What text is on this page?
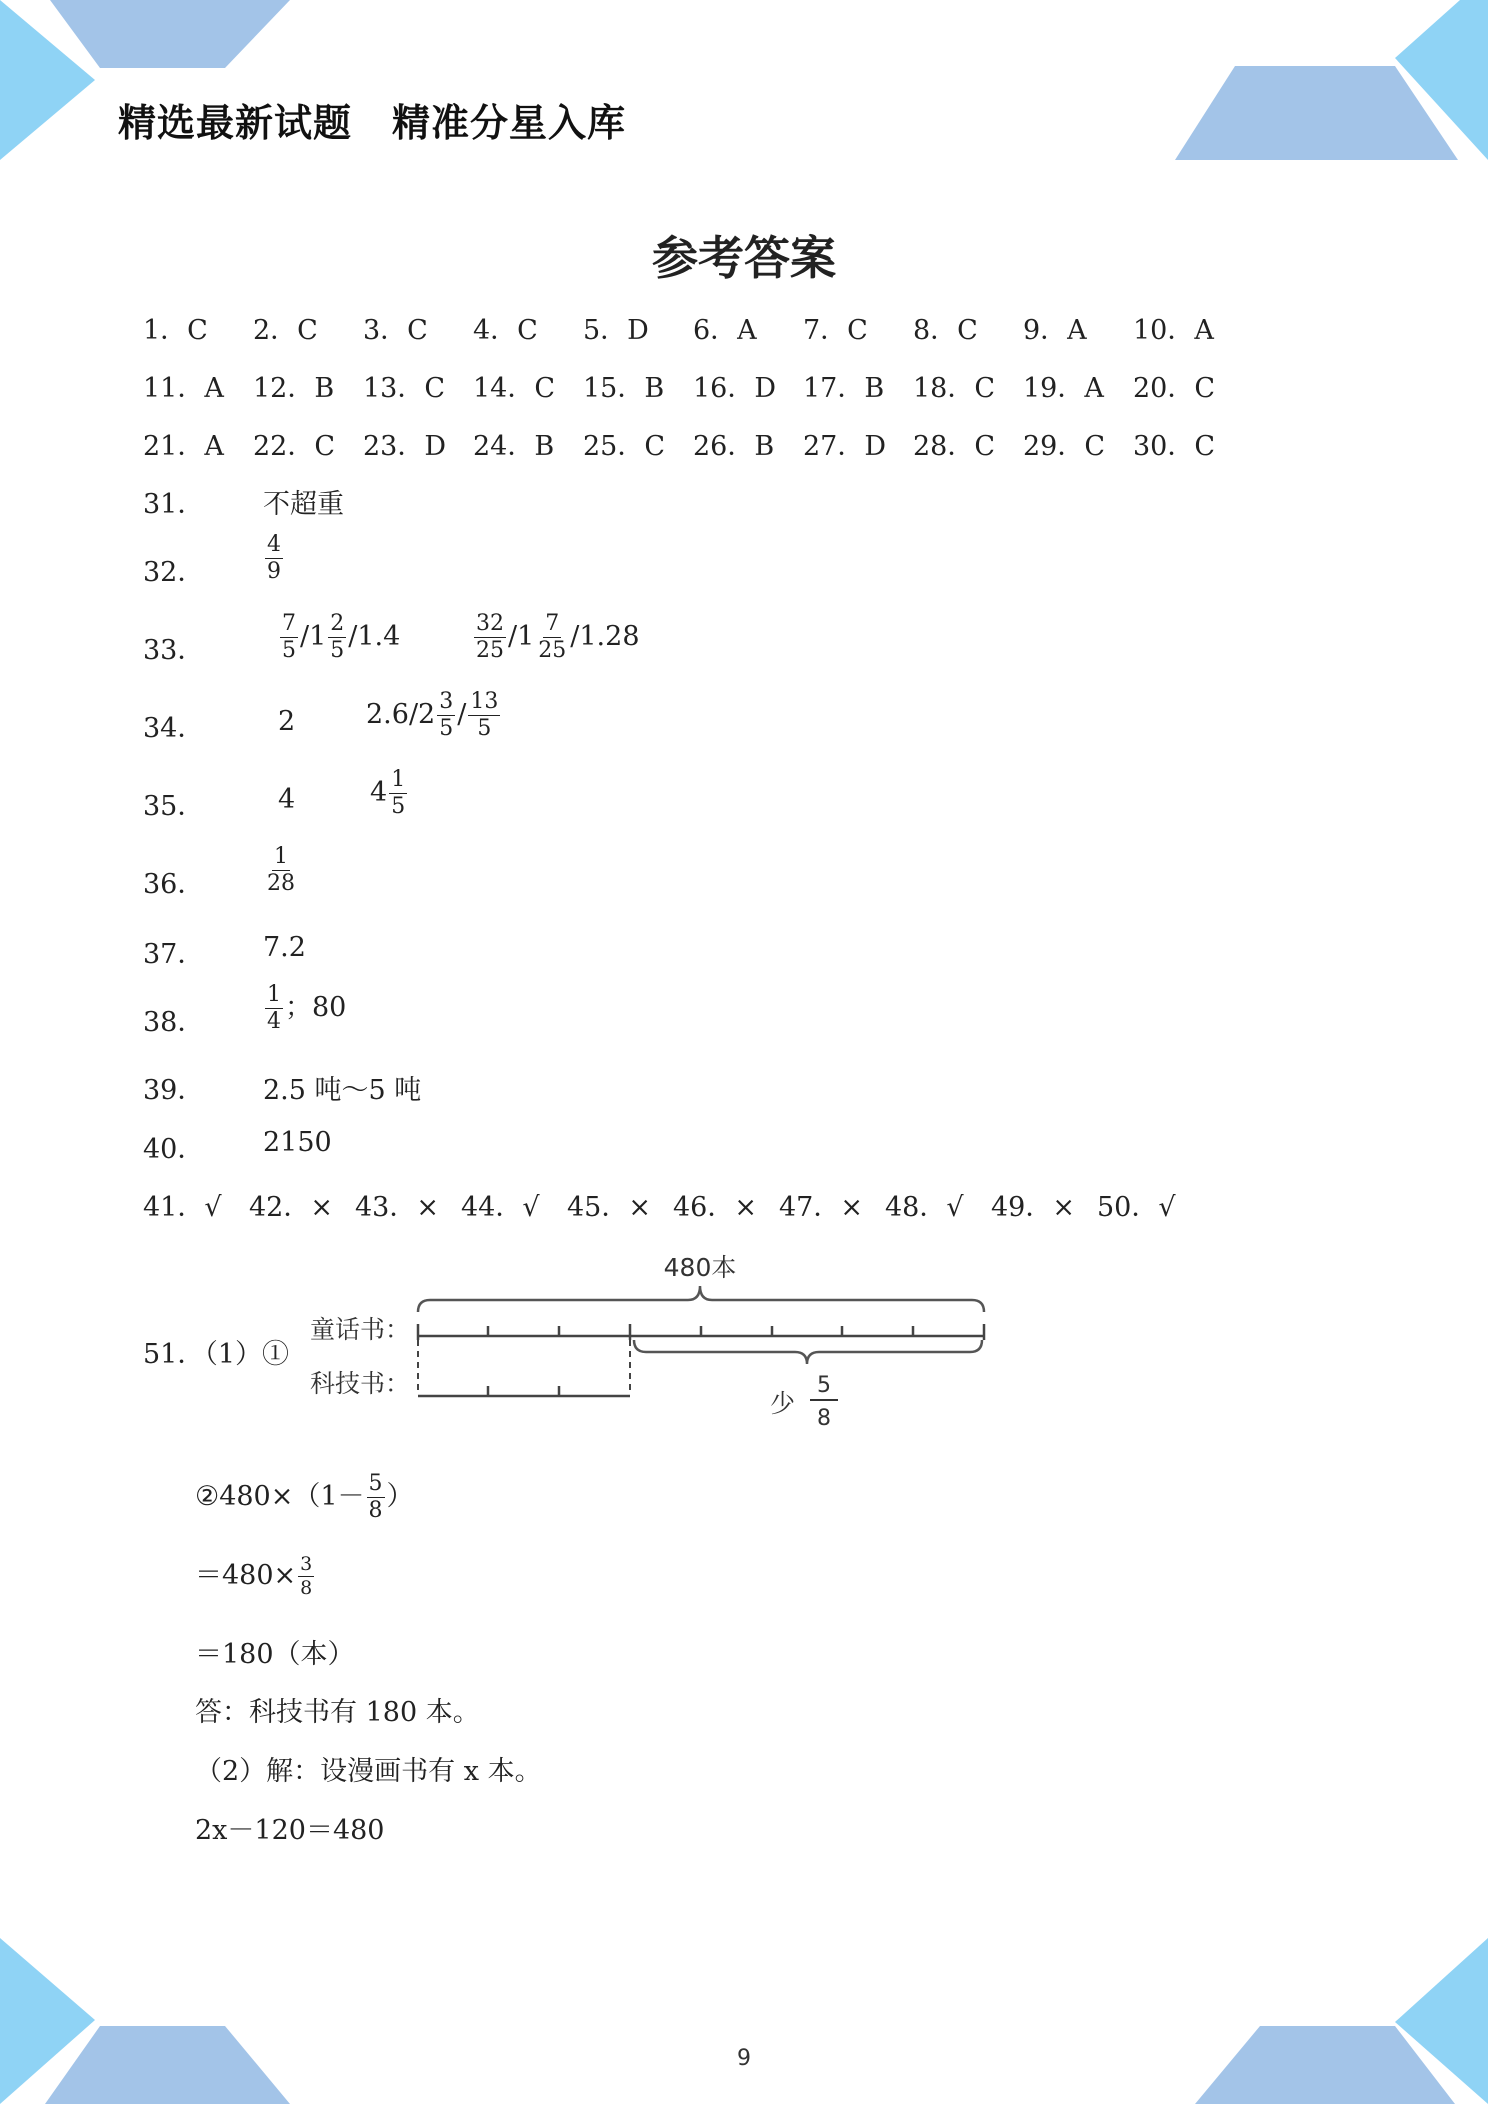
精选最新试题 精准分星入库
参考答案
1．C 2．C 3．C 4．C 5．D 6．A 7．C 8．C 9．A 10．A
11．A 12．B 13．C 14．C 15．B 16．D 17．B 18．C 19．A 20．C
21．A 22．C 23．D 24．B 25．C 26．B 27．D 28．C 29．C 30．C
31． 不超重
32．	$\frac{4}{9}$
33．	$\frac{7}{5} /1 \frac{2}{5} /1.4$	$\frac{32}{25} /1 \frac{7}{25} /1.28$
34．	2	$2.6/2 \frac{3}{5} / \frac{13}{5}$
35．	4	$4 \frac{1}{5}$
36．	$\frac{1}{28}$
37． 7.2
38．	$\frac{1}{4}$ ；80
39． 2.5 吨～5 吨
40． 2150
41．√ 42．× 43．× 44．√ 45．× 46．× 47．× 48．√ 49．× 50．√
51．（1）①
480本
童话书：
科技书：
少
5
8
②480×（1－ $\frac{5}{8}$ ）
$=480\times \frac{3}{8}$
＝180（本）
答：科技书有 180 本。
（2）解：设漫画书有 x 本。
2x－120＝480
9
